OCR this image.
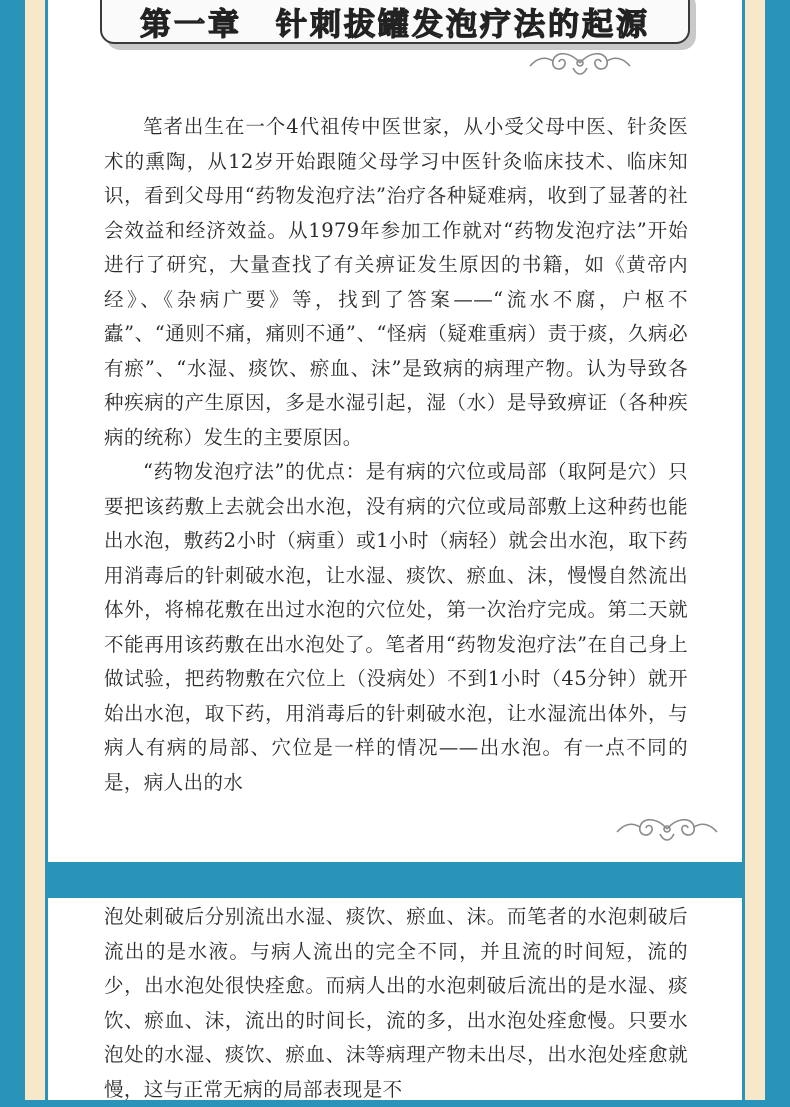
第一章　针刺拔罐发泡疗法的起源

笔者出生在一个4代祖传中医世家，从小受父母中医、针灸医术的熏陶，从12岁开始跟随父母学习中医针灸临床技术、临床知识，看到父母用“药物发泡疗法”治疗各种疑难病，收到了显著的社会效益和经济效益。从1979年参加工作就对“药物发泡疗法”开始进行了研究，大量查找了有关痹证发生原因的书籍，如《黄帝内经》、《杂病广要》等，找到了答案——“流水不腐，户枢不蠹”、“通则不痛，痛则不通”、“怪病（疑难重病）责于痰，久病必有瘀”、“水湿、痰饮、瘀血、沫”是致病的病理产物。认为导致各种疾病的产生原因，多是水湿引起，湿（水）是导致痹证（各种疾病的统称）发生的主要原因。

“药物发泡疗法”的优点：是有病的穴位或局部（取阿是穴）只要把该药敷上去就会出水泡，没有病的穴位或局部敷上这种药也能出水泡，敷药2小时（病重）或1小时（病轻）就会出水泡，取下药用消毒后的针刺破水泡，让水湿、痰饮、瘀血、沫，慢慢自然流出体外，将棉花敷在出过水泡的穴位处，第一次治疗完成。第二天就不能再用该药敷在出水泡处了。笔者用“药物发泡疗法”在自己身上做试验，把药物敷在穴位上（没病处）不到1小时（45分钟）就开始出水泡，取下药，用消毒后的针刺破水泡，让水湿流出体外，与病人有病的局部、穴位是一样的情况——出水泡。有一点不同的是，病人出的水

泡处刺破后分别流出水湿、痰饮、瘀血、沫。而笔者的水泡刺破后流出的是水液。与病人流出的完全不同，并且流的时间短，流的少，出水泡处很快痊愈。而病人出的水泡刺破后流出的是水湿、痰饮、瘀血、沫，流出的时间长，流的多，出水泡处痊愈慢。只要水泡处的水湿、痰饮、瘀血、沫等病理产物未出尽，出水泡处痊愈就慢，这与正常无病的局部表现是不
